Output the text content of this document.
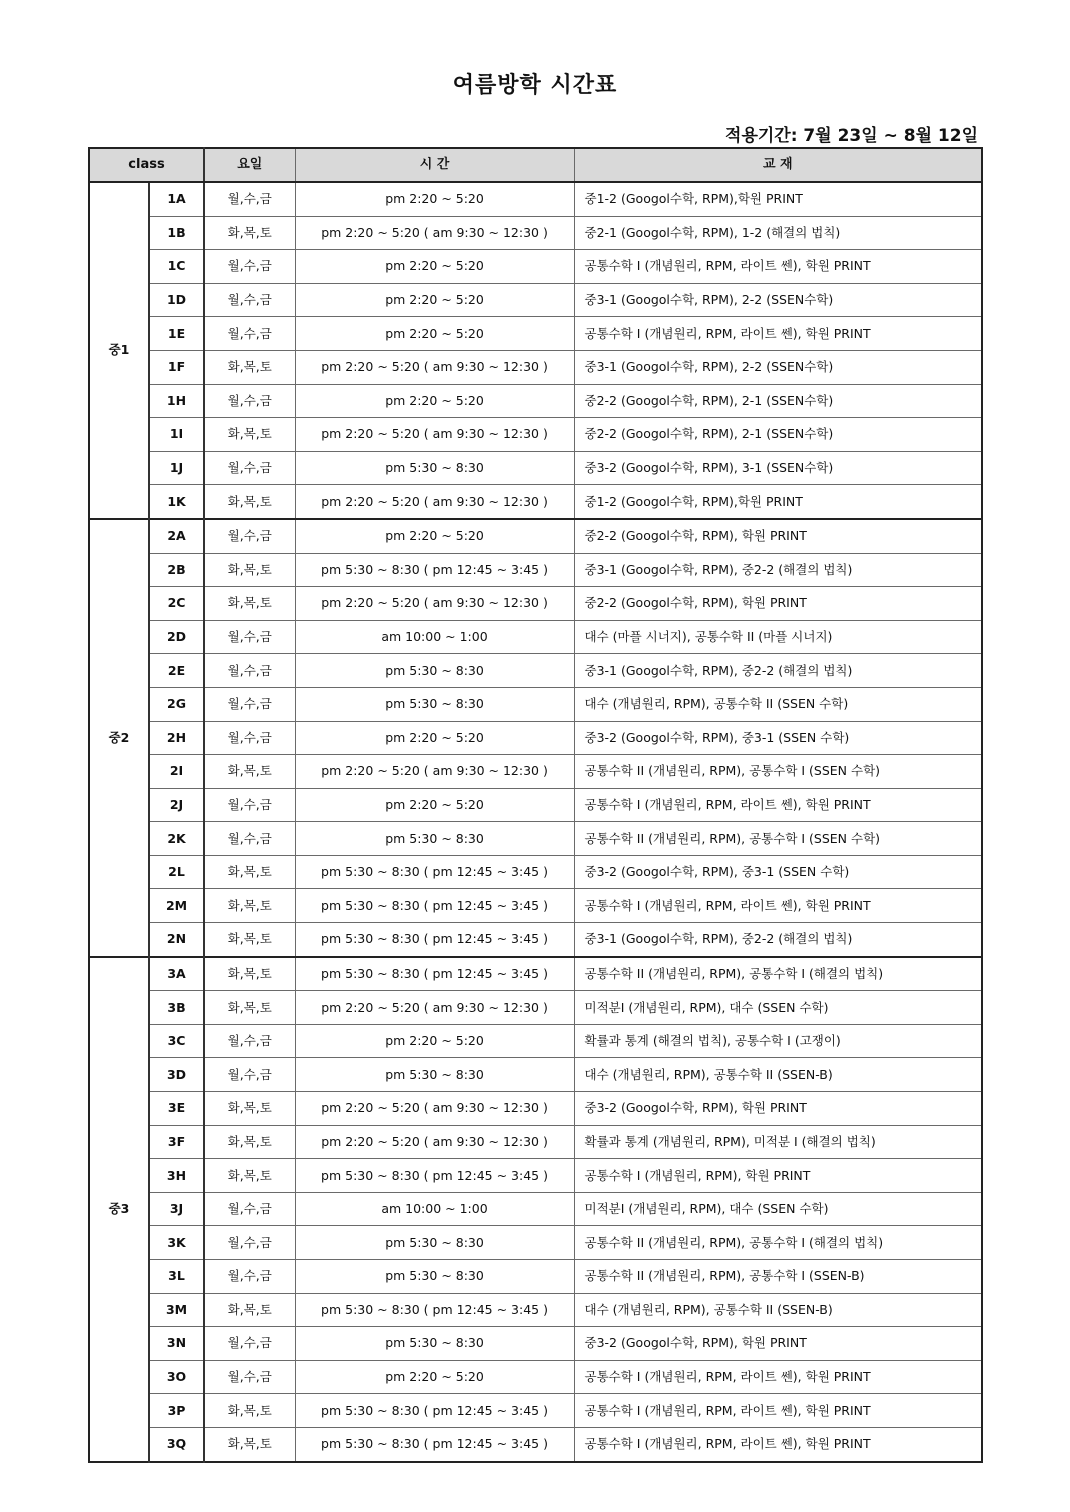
여름방학 시간표
적용기간: 7월 23일 ~ 8월 12일
class		요일	시 간	교 재
중1	1A	월,수,금	pm 2:20 ~ 5:20	중1-2 (Googol수학, RPM),학원 PRINT
	1B	화,목,토	pm 2:20 ~ 5:20 ( am 9:30 ~ 12:30 )	중2-1 (Googol수학, RPM), 1-2 (해결의 법칙)
	1C	월,수,금	pm 2:20 ~ 5:20	공통수학 I (개념원리, RPM, 라이트 쎈), 학원 PRINT
	1D	월,수,금	pm 2:20 ~ 5:20	중3-1 (Googol수학, RPM), 2-2 (SSEN수학)
	1E	월,수,금	pm 2:20 ~ 5:20	공통수학 I (개념원리, RPM, 라이트 쎈), 학원 PRINT
	1F	화,목,토	pm 2:20 ~ 5:20 ( am 9:30 ~ 12:30 )	중3-1 (Googol수학, RPM), 2-2 (SSEN수학)
	1H	월,수,금	pm 2:20 ~ 5:20	중2-2 (Googol수학, RPM), 2-1 (SSEN수학)
	1I	화,목,토	pm 2:20 ~ 5:20 ( am 9:30 ~ 12:30 )	중2-2 (Googol수학, RPM), 2-1 (SSEN수학)
	1J	월,수,금	pm 5:30 ~ 8:30	중3-2 (Googol수학, RPM), 3-1 (SSEN수학)
	1K	화,목,토	pm 2:20 ~ 5:20 ( am 9:30 ~ 12:30 )	중1-2 (Googol수학, RPM),학원 PRINT
중2	2A	월,수,금	pm 2:20 ~ 5:20	중2-2 (Googol수학, RPM), 학원 PRINT
	2B	화,목,토	pm 5:30 ~ 8:30 ( pm 12:45 ~ 3:45 )	중3-1 (Googol수학, RPM), 중2-2 (해결의 법칙)
	2C	화,목,토	pm 2:20 ~ 5:20 ( am 9:30 ~ 12:30 )	중2-2 (Googol수학, RPM), 학원 PRINT
	2D	월,수,금	am 10:00 ~ 1:00	대수 (마플 시너지), 공통수학 II (마플 시너지)
	2E	월,수,금	pm 5:30 ~ 8:30	중3-1 (Googol수학, RPM), 중2-2 (해결의 법칙)
	2G	월,수,금	pm 5:30 ~ 8:30	대수 (개념원리, RPM), 공통수학 II (SSEN 수학)
	2H	월,수,금	pm 2:20 ~ 5:20	중3-2 (Googol수학, RPM), 중3-1 (SSEN 수학)
	2I	화,목,토	pm 2:20 ~ 5:20 ( am 9:30 ~ 12:30 )	공통수학 II (개념원리, RPM), 공통수학 I (SSEN 수학)
	2J	월,수,금	pm 2:20 ~ 5:20	공통수학 I (개념원리, RPM, 라이트 쎈), 학원 PRINT
	2K	월,수,금	pm 5:30 ~ 8:30	공통수학 II (개념원리, RPM), 공통수학 I (SSEN 수학)
	2L	화,목,토	pm 5:30 ~ 8:30 ( pm 12:45 ~ 3:45 )	중3-2 (Googol수학, RPM), 중3-1 (SSEN 수학)
	2M	화,목,토	pm 5:30 ~ 8:30 ( pm 12:45 ~ 3:45 )	공통수학 I (개념원리, RPM, 라이트 쎈), 학원 PRINT
	2N	화,목,토	pm 5:30 ~ 8:30 ( pm 12:45 ~ 3:45 )	중3-1 (Googol수학, RPM), 중2-2 (해결의 법칙)
중3	3A	화,목,토	pm 5:30 ~ 8:30 ( pm 12:45 ~ 3:45 )	공통수학 II (개념원리, RPM), 공통수학 I (해결의 법칙)
	3B	화,목,토	pm 2:20 ~ 5:20 ( am 9:30 ~ 12:30 )	미적분I (개념원리, RPM), 대수 (SSEN 수학)
	3C	월,수,금	pm 2:20 ~ 5:20	확률과 통계 (해결의 법칙), 공통수학 I (고쟁이)
	3D	월,수,금	pm 5:30 ~ 8:30	대수 (개념원리, RPM), 공통수학 II (SSEN-B)
	3E	화,목,토	pm 2:20 ~ 5:20 ( am 9:30 ~ 12:30 )	중3-2 (Googol수학, RPM), 학원 PRINT
	3F	화,목,토	pm 2:20 ~ 5:20 ( am 9:30 ~ 12:30 )	확률과 통계 (개념원리, RPM), 미적분 I (해결의 법칙)
	3H	화,목,토	pm 5:30 ~ 8:30 ( pm 12:45 ~ 3:45 )	공통수학 I (개념원리, RPM), 학원 PRINT
	3J	월,수,금	am 10:00 ~ 1:00	미적분I (개념원리, RPM), 대수 (SSEN 수학)
	3K	월,수,금	pm 5:30 ~ 8:30	공통수학 II (개념원리, RPM), 공통수학 I (해결의 법칙)
	3L	월,수,금	pm 5:30 ~ 8:30	공통수학 II (개념원리, RPM), 공통수학 I (SSEN-B)
	3M	화,목,토	pm 5:30 ~ 8:30 ( pm 12:45 ~ 3:45 )	대수 (개념원리, RPM), 공통수학 II (SSEN-B)
	3N	월,수,금	pm 5:30 ~ 8:30	중3-2 (Googol수학, RPM), 학원 PRINT
	3O	월,수,금	pm 2:20 ~ 5:20	공통수학 I (개념원리, RPM, 라이트 쎈), 학원 PRINT
	3P	화,목,토	pm 5:30 ~ 8:30 ( pm 12:45 ~ 3:45 )	공통수학 I (개념원리, RPM, 라이트 쎈), 학원 PRINT
	3Q	화,목,토	pm 5:30 ~ 8:30 ( pm 12:45 ~ 3:45 )	공통수학 I (개념원리, RPM, 라이트 쎈), 학원 PRINT
